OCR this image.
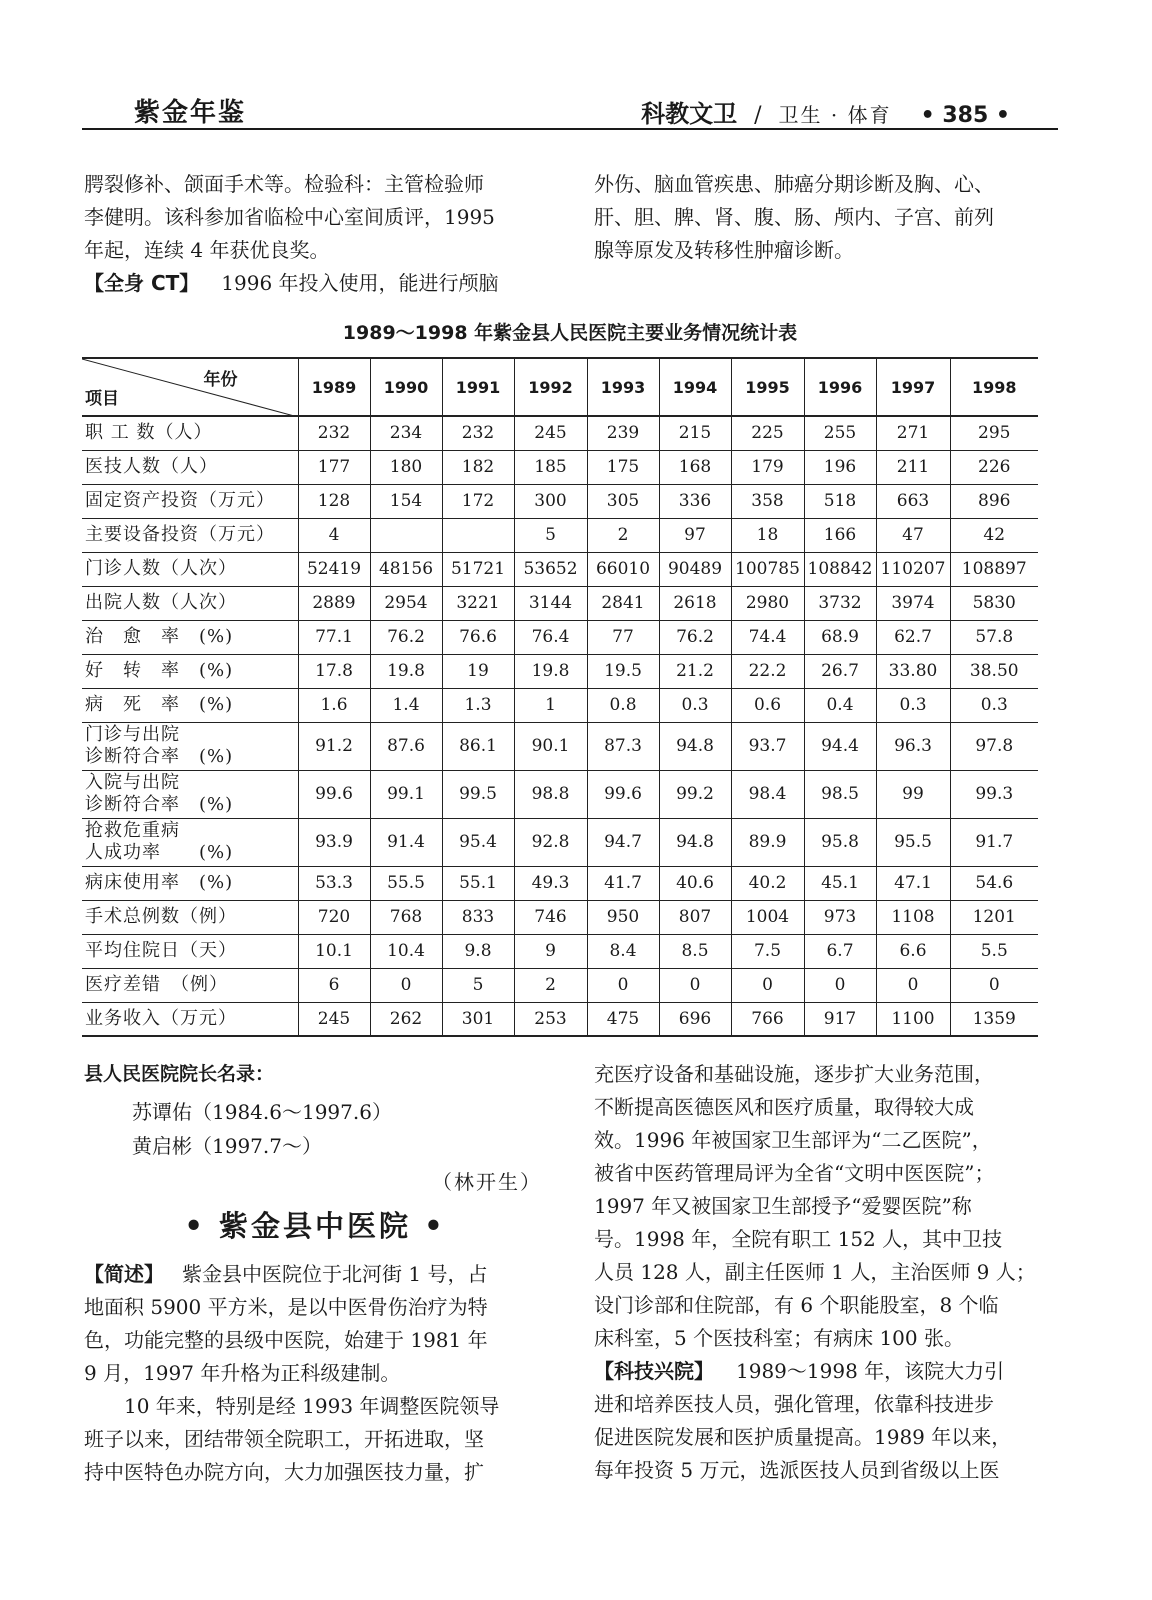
紫金年鉴	科教文卫 / 卫生 · 体育 • 385 •
腭裂修补、颌面手术等。检验科：主管检验师
李健明。该科参加省临检中心室间质评，1995
年起，连续 4 年获优良奖。
【全身 CT】 1996 年投入使用，能进行颅脑
外伤、脑血管疾患、肺癌分期诊断及胸、心、
肝、胆、脾、肾、腹、肠、颅内、子宫、前列
腺等原发及转移性肿瘤诊断。
1989～1998 年紫金县人民医院主要业务情况统计表
年份
项目	1989	1990	1991	1992	1993	1994	1995	1996	1997	1998
职 工 数（人）	232	234	232	245	239	215	225	255	271	295
医技人数（人）	177	180	182	185	175	168	179	196	211	226
固定资产投资（万元）	128	154	172	300	305	336	358	518	663	896
主要设备投资（万元）	4			5	2	97	18	166	47	42
门诊人数（人次）	52419	48156	51721	53652	66010	90489	100785	108842	110207	108897
出院人数（人次）	2889	2954	3221	3144	2841	2618	2980	3732	3974	5830
治　愈　率　(%)	77.1	76.2	76.6	76.4	77	76.2	74.4	68.9	62.7	57.8
好　转　率　(%)	17.8	19.8	19	19.8	19.5	21.2	22.2	26.7	33.80	38.50
病　死　率　(%)	1.6	1.4	1.3	1	0.8	0.3	0.6	0.4	0.3	0.3
门诊与出院
诊断符合率　(%)	91.2	87.6	86.1	90.1	87.3	94.8	93.7	94.4	96.3	97.8
入院与出院
诊断符合率　(%)	99.6	99.1	99.5	98.8	99.6	99.2	98.4	98.5	99	99.3
抢救危重病
人成功率　　(%)	93.9	91.4	95.4	92.8	94.7	94.8	89.9	95.8	95.5	91.7
病床使用率　(%)	53.3	55.5	55.1	49.3	41.7	40.6	40.2	45.1	47.1	54.6
手术总例数（例）	720	768	833	746	950	807	1004	973	1108	1201
平均住院日（天）	10.1	10.4	9.8	9	8.4	8.5	7.5	6.7	6.6	5.5
医疗差错　（例）	6	0	5	2	0	0	0	0	0	0
业务收入（万元）	245	262	301	253	475	696	766	917	1100	1359
县人民医院院长名录：
苏谭佑（1984.6～1997.6）
黄启彬（1997.7～）
（林开生）
• 紫金县中医院 •
【简述】 紫金县中医院位于北河街 1 号，占
地面积 5900 平方米，是以中医骨伤治疗为特
色，功能完整的县级中医院，始建于 1981 年
9 月，1997 年升格为正科级建制。
10 年来，特别是经 1993 年调整医院领导
班子以来，团结带领全院职工，开拓进取，坚
持中医特色办院方向，大力加强医技力量，扩
充医疗设备和基础设施，逐步扩大业务范围，
不断提高医德医风和医疗质量，取得较大成
效。1996 年被国家卫生部评为“二乙医院”，
被省中医药管理局评为全省“文明中医医院”；
1997 年又被国家卫生部授予“爱婴医院”称
号。1998 年，全院有职工 152 人，其中卫技
人员 128 人，副主任医师 1 人，主治医师 9 人；
设门诊部和住院部，有 6 个职能股室，8 个临
床科室，5 个医技科室；有病床 100 张。
【科技兴院】 1989～1998 年，该院大力引
进和培养医技人员，强化管理，依靠科技进步
促进医院发展和医护质量提高。1989 年以来，
每年投资 5 万元，选派医技人员到省级以上医
